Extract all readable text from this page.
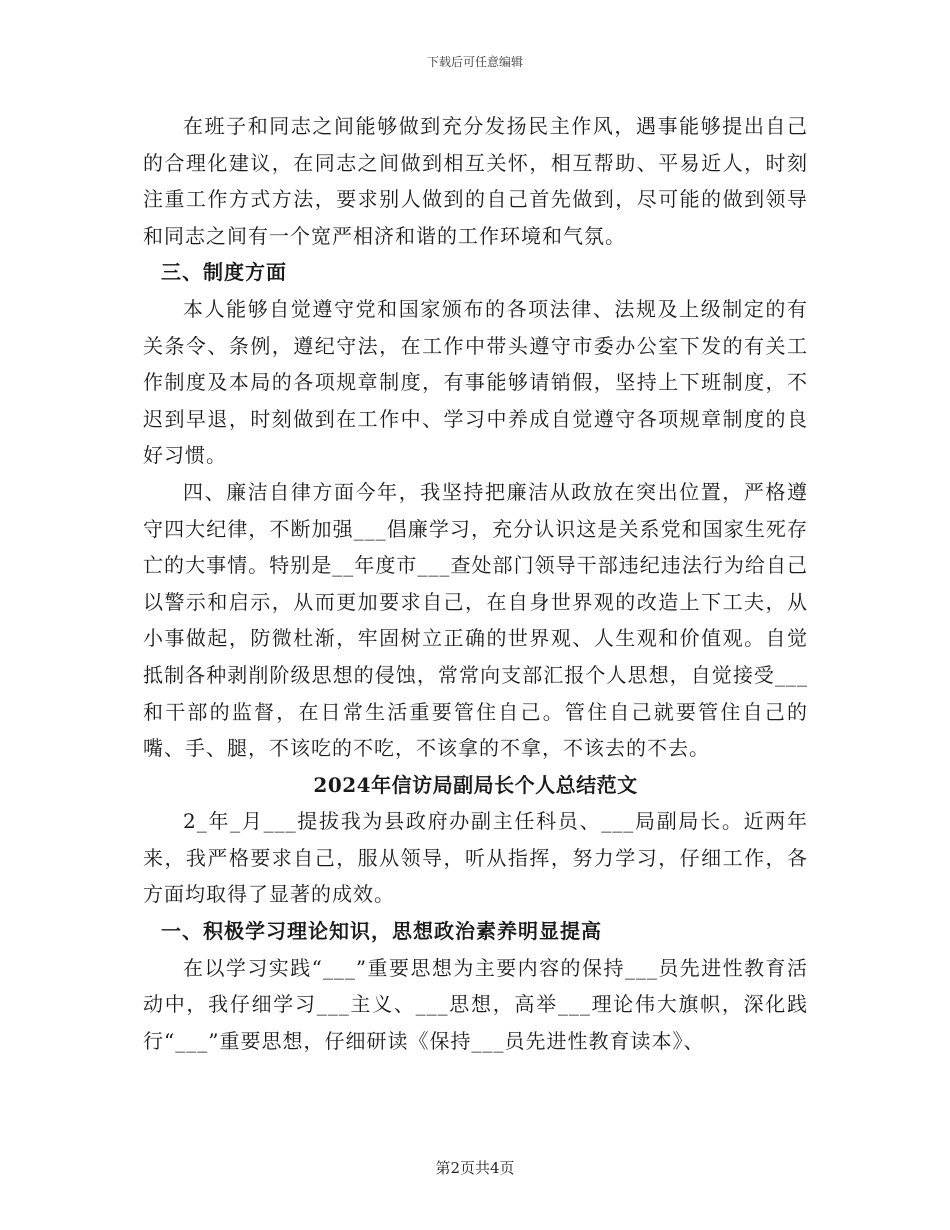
下载后可任意编辑

在班子和同志之间能够做到充分发扬民主作风，遇事能够提出自己的合理化建议，在同志之间做到相互关怀，相互帮助、平易近人，时刻注重工作方式方法，要求别人做到的自己首先做到，尽可能的做到领导和同志之间有一个宽严相济和谐的工作环境和气氛。

三、制度方面

本人能够自觉遵守党和国家颁布的各项法律、法规及上级制定的有关条令、条例，遵纪守法，在工作中带头遵守市委办公室下发的有关工作制度及本局的各项规章制度，有事能够请销假，坚持上下班制度，不迟到早退，时刻做到在工作中、学习中养成自觉遵守各项规章制度的良好习惯。

四、廉洁自律方面今年，我坚持把廉洁从政放在突出位置，严格遵守四大纪律，不断加强___倡廉学习，充分认识这是关系党和国家生死存亡的大事情。特别是__年度市___查处部门领导干部违纪违法行为给自己以警示和启示，从而更加要求自己，在自身世界观的改造上下工夫，从小事做起，防微杜渐，牢固树立正确的世界观、人生观和价值观。自觉抵制各种剥削阶级思想的侵蚀，常常向支部汇报个人思想，自觉接受___和干部的监督，在日常生活重要管住自己。管住自己就要管住自己的嘴、手、腿，不该吃的不吃，不该拿的不拿，不该去的不去。

2024年信访局副局长个人总结范文

2_年_月___提拔我为县政府办副主任科员、___局副局长。近两年来，我严格要求自己，服从领导，听从指挥，努力学习，仔细工作，各方面均取得了显著的成效。

一、积极学习理论知识，思想政治素养明显提高

在以学习实践“___”重要思想为主要内容的保持___员先进性教育活动中，我仔细学习___主义、___思想，高举___理论伟大旗帜，深化践行“___”重要思想，仔细研读《保持___员先进性教育读本》、

第2页共4页
